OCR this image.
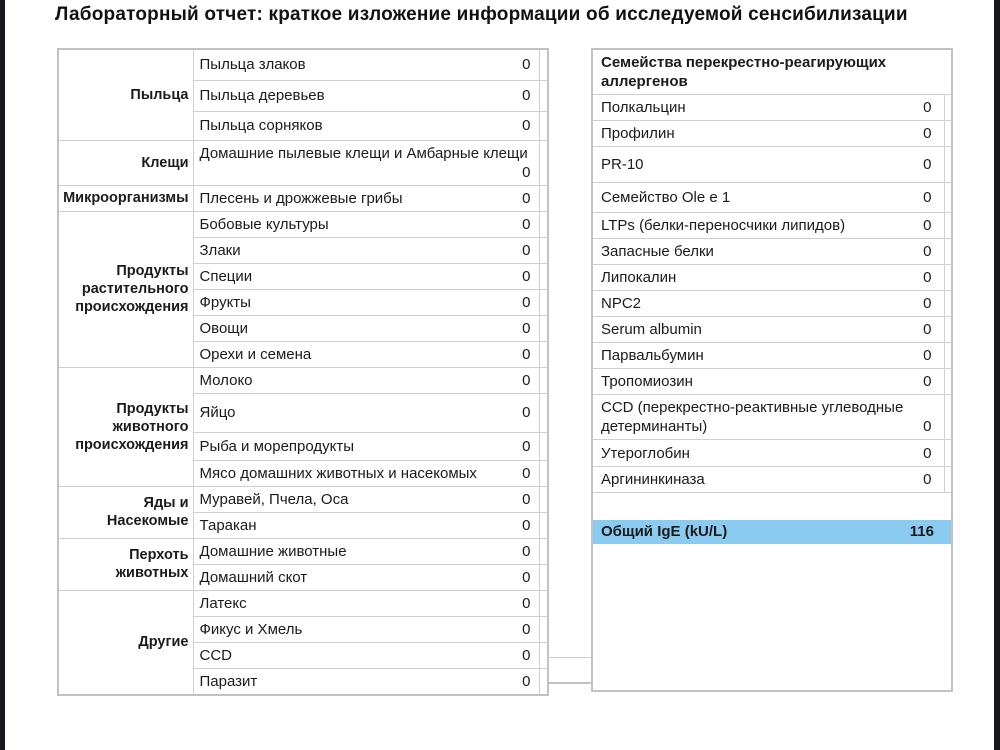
Лабораторный отчет: краткое изложение информации об исследуемой сенсибилизации
Пыльца	Пыльца злаков 0	

	Пыльца деревьев 0	

	Пыльца сорняков 0	

Клещи	Домашние пылевые клещи и Амбарные клещи
0	

Микроорганизмы	Плесень и дрожжевые грибы 0	

Продукты растительного происхождения	Бобовые культуры 0	

	Злаки 0	

	Специи 0	

	Фрукты 0	

	Овощи 0	

	Орехи и семена 0	

Продукты животного происхождения	Молоко 0	

	Яйцо 0	

	Рыба и морепродукты 0	

	Мясо домашних животных и насекомых 0	

Яды и Насекомые	Муравей, Пчела, Оса 0	

	Таракан 0	

Перхоть животных	Домашние животные 0	

	Домашний скот 0	

Другие	Латекс 0	

	Фикус и Хмель 0	

	CCD 0	

	Паразит 0	

Семейства перекрестно-реагирующих аллергенов	
Полкальцин 0	

Профилин 0	

PR-10 0	

Семейство Ole e 1 0	

LTPs (белки-переносчики липидов) 0	

Запасные белки 0	

Липокалин 0	

NPC2 0	

Serum albumin 0	

Парвальбумин 0	

Тропомиозин 0	

CCD (перекрестно-реактивные углеводные детерминанты) 0	

Утероглобин 0	

Аргининкиназа 0	

Общий IgE (kU/L) 116	
